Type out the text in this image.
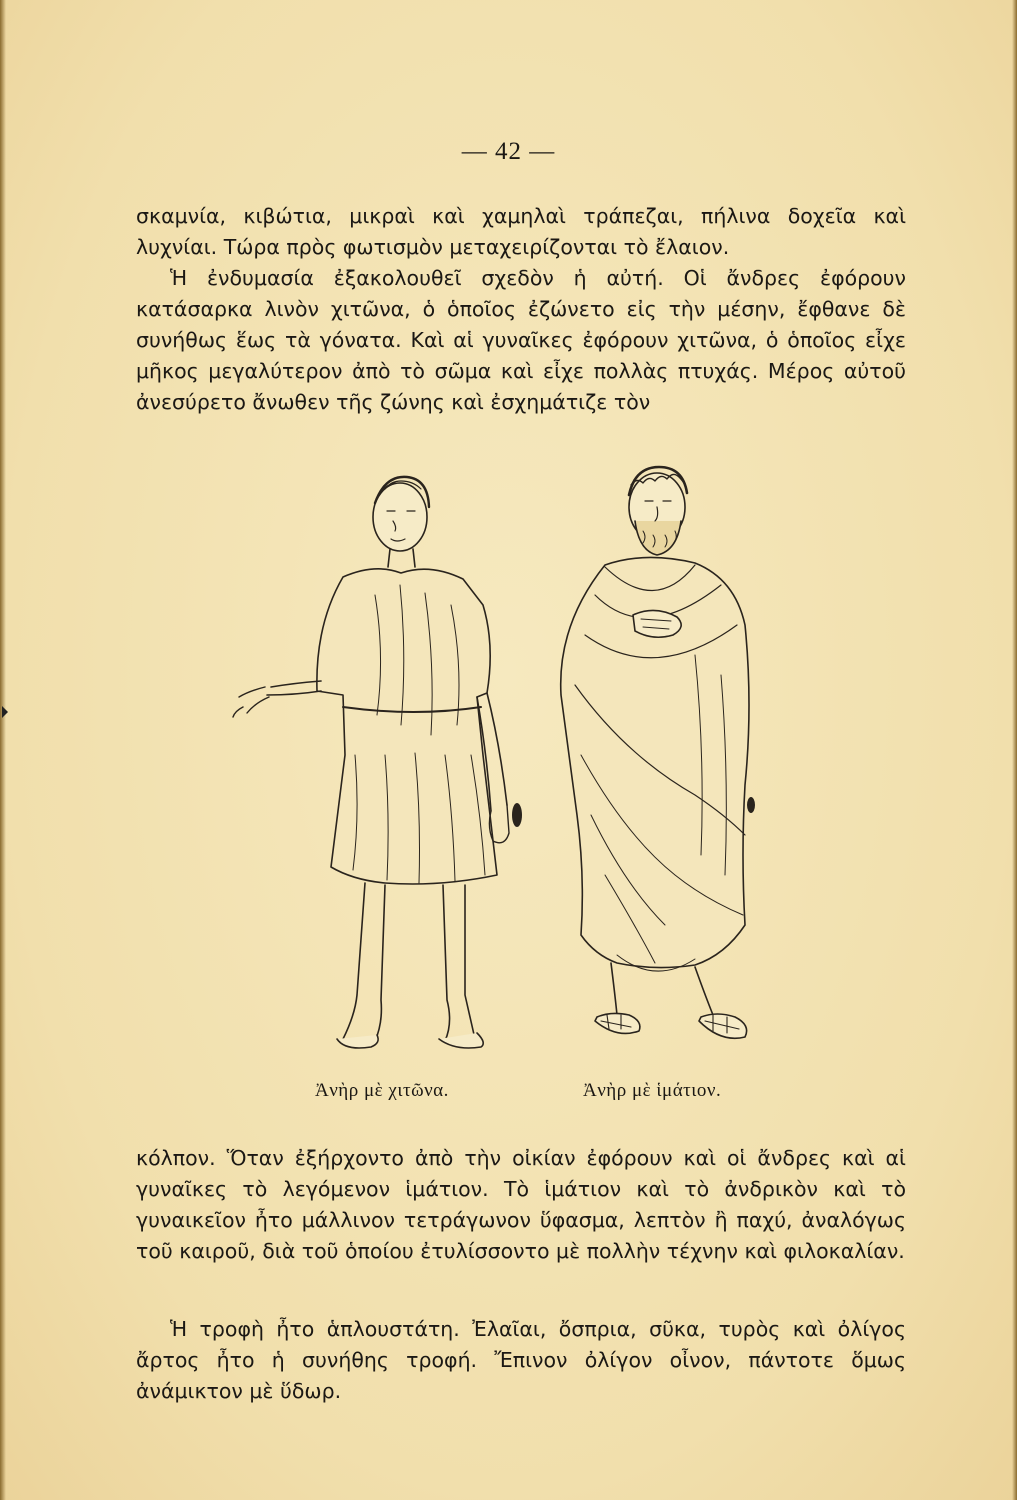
— 42 —

σκαμνία, κιβώτια, μικραὶ καὶ χαμηλαὶ τράπεζαι, πήλινα δοχεῖα καὶ λυχνίαι. Τώρα πρὸς φωτισμὸν μεταχειρίζονται τὸ ἔλαιον.

Ἡ ἐνδυμασία ἐξακολουθεῖ σχεδὸν ἡ αὐτή. Οἱ ἄνδρες ἐφόρουν κατάσαρκα λινὸν χιτῶνα, ὁ ὁποῖος ἐζώνετο εἰς τὴν μέσην, ἔφθανε δὲ συνήθως ἕως τὰ γόνατα. Καὶ αἱ γυναῖκες ἐφόρουν χιτῶνα, ὁ ὁποῖος εἶχε μῆκος μεγαλύτερον ἀπὸ τὸ σῶμα καὶ εἶχε πολλὰς πτυχάς. Μέρος αὐτοῦ ἀνεσύρετο ἄνωθεν τῆς ζώνης καὶ ἐσχημάτιζε τὸν

Ἀνὴρ μὲ χιτῶνα.	Ἀνὴρ μὲ ἱμάτιον.

κόλπον. Ὅταν ἐξήρχοντο ἀπὸ τὴν οἰκίαν ἐφόρουν καὶ οἱ ἄνδρες καὶ αἱ γυναῖκες τὸ λεγόμενον ἱμάτιον. Τὸ ἱμάτιον καὶ τὸ ἀνδρικὸν καὶ τὸ γυναικεῖον ἦτο μάλλινον τετράγωνον ὕφασμα, λεπτὸν ἢ παχύ, ἀναλόγως τοῦ καιροῦ, διὰ τοῦ ὁποίου ἐτυλίσσοντο μὲ πολλὴν τέχνην καὶ φιλοκαλίαν.

Ἡ τροφὴ ἦτο ἁπλουστάτη. Ἐλαῖαι, ὄσπρια, σῦκα, τυρὸς καὶ ὀλίγος ἄρτος ἦτο ἡ συνήθης τροφή. Ἔπινον ὀλίγον οἶνον, πάντοτε ὅμως ἀνάμικτον μὲ ὕδωρ.
